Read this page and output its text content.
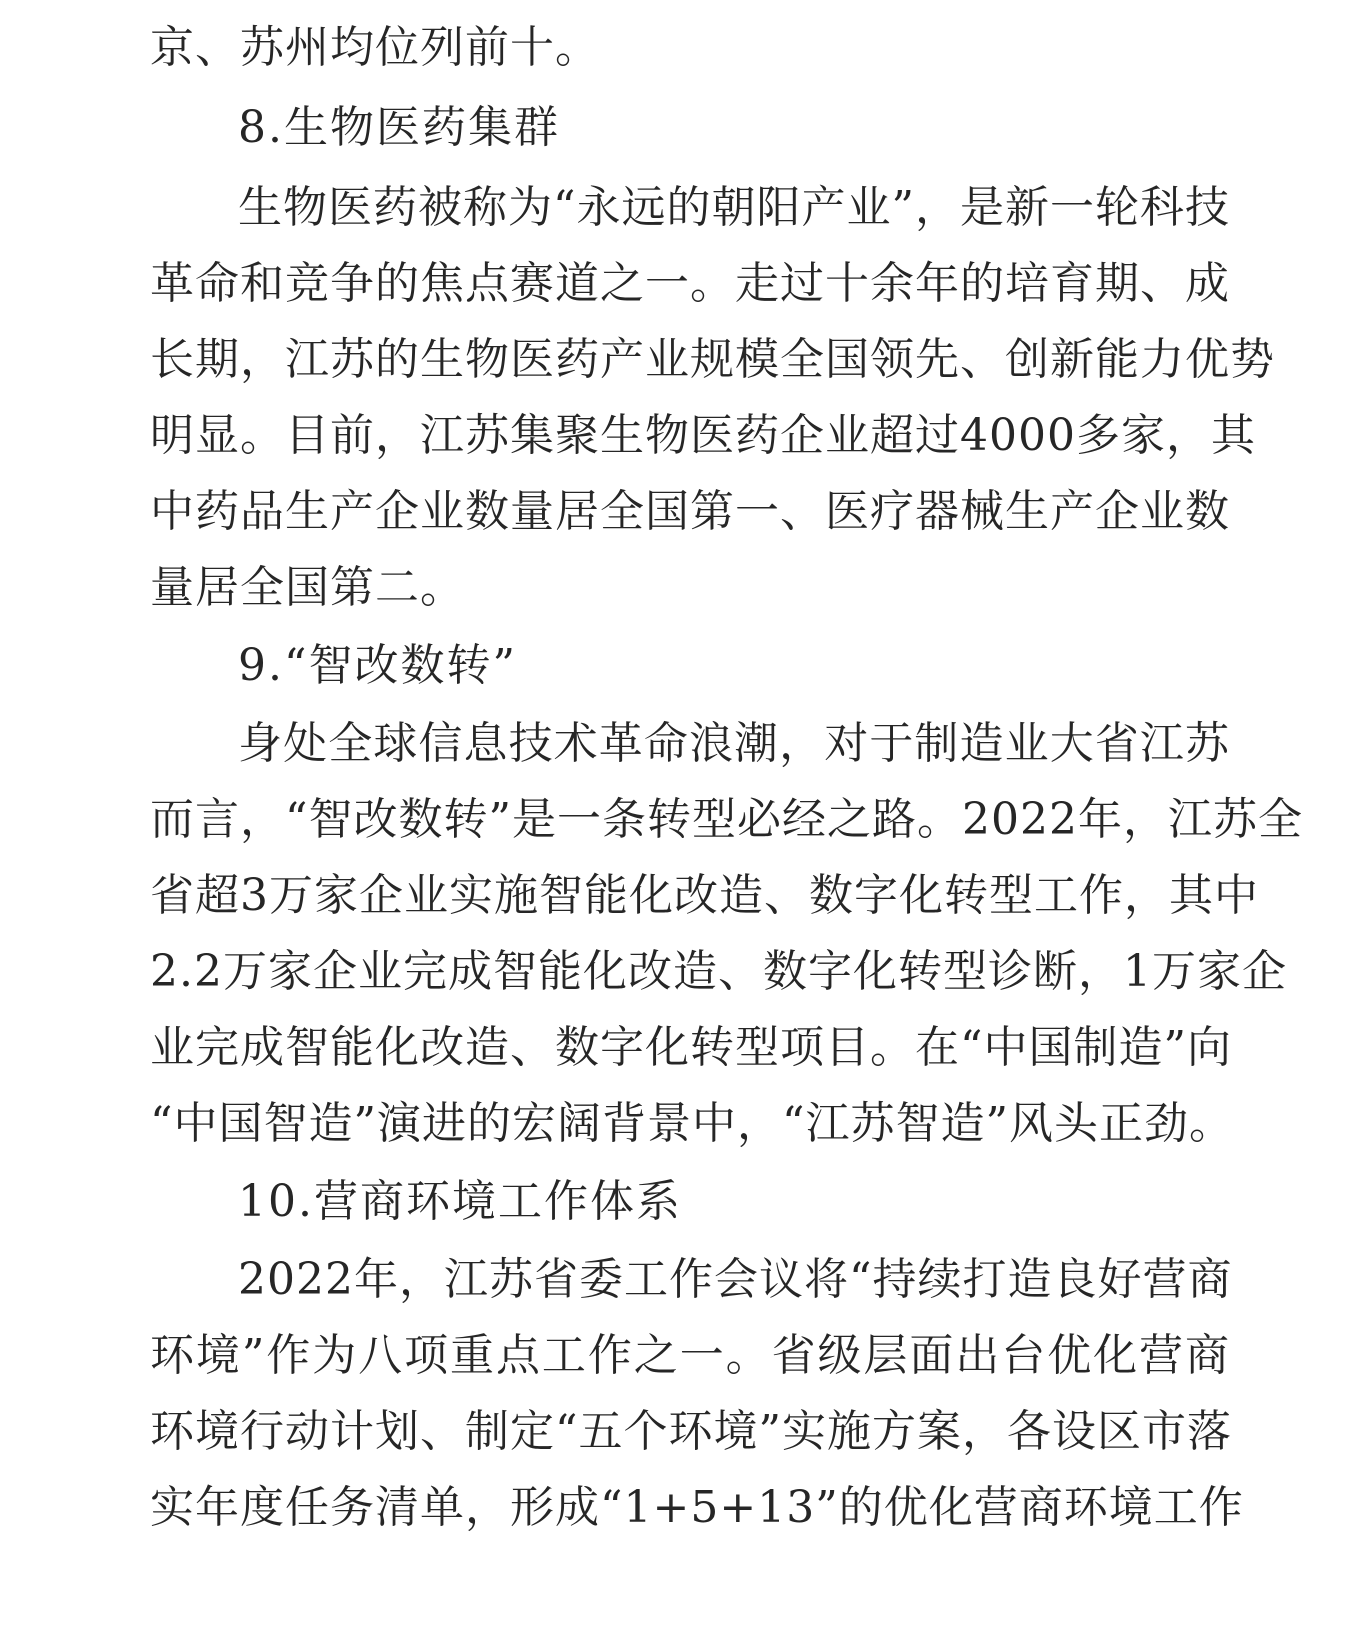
京、苏州均位列前十。
8.生物医药集群
生物医药被称为“永远的朝阳产业”，是新一轮科技
革命和竞争的焦点赛道之一。走过十余年的培育期、成
长期，江苏的生物医药产业规模全国领先、创新能力优势
明显。目前，江苏集聚生物医药企业超过4000多家，其
中药品生产企业数量居全国第一、医疗器械生产企业数
量居全国第二。
9.“智改数转”
身处全球信息技术革命浪潮，对于制造业大省江苏
而言，“智改数转”是一条转型必经之路。2022年，江苏全
省超3万家企业实施智能化改造、数字化转型工作，其中
2.2万家企业完成智能化改造、数字化转型诊断，1万家企
业完成智能化改造、数字化转型项目。在“中国制造”向
“中国智造”演进的宏阔背景中，“江苏智造”风头正劲。
10.营商环境工作体系
2022年，江苏省委工作会议将“持续打造良好营商
环境”作为八项重点工作之一。省级层面出台优化营商
环境行动计划、制定“五个环境”实施方案，各设区市落
实年度任务清单，形成“1+5+13”的优化营商环境工作
